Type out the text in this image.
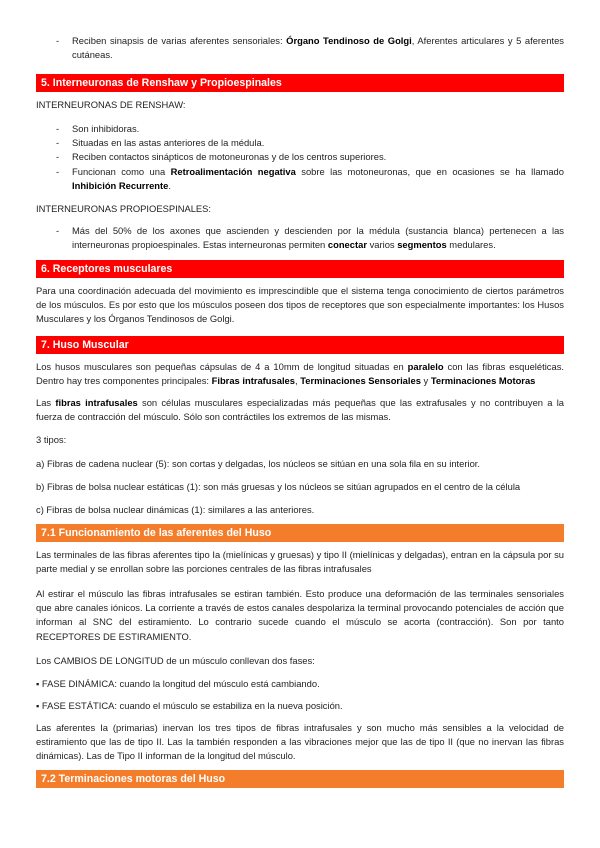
- Reciben sinapsis de varias aferentes sensoriales: Órgano Tendinoso de Golgi, Aferentes articulares y 5 aferentes cutáneas.
5. Interneuronas de Renshaw y Propioespinales

INTERNEURONAS DE RENSHAW:

- Son inhibidoras.
- Situadas en las astas anteriores de la médula.
- Reciben contactos sinápticos de motoneuronas y de los centros superiores.
- Funcionan como una Retroalimentación negativa sobre las motoneuronas, que en ocasiones se ha llamado Inhibición Recurrente.

INTERNEURONAS PROPIOESPINALES:

- Más del 50% de los axones que ascienden y descienden por la médula (sustancia blanca) pertenecen a las interneuronas propioespinales. Estas interneuronas permiten conectar varios segmentos medulares.
6. Receptores musculares

Para una coordinación adecuada del movimiento es imprescindible que el sistema tenga conocimiento de ciertos parámetros de los músculos. Es por esto que los músculos poseen dos tipos de receptores que son especialmente importantes: los Husos Musculares y los Órganos Tendinosos de Golgi.

7. Huso Muscular

Los husos musculares son pequeñas cápsulas de 4 a 10mm de longitud situadas en paralelo con las fibras esqueléticas. Dentro hay tres componentes principales: Fibras intrafusales, Terminaciones Sensoriales y Terminaciones Motoras

Las fibras intrafusales son células musculares especializadas más pequeñas que las extrafusales y no contribuyen a la fuerza de contracción del músculo. Sólo son contráctiles los extremos de las mismas.

3 tipos:

a) Fibras de cadena nuclear (5): son cortas y delgadas, los núcleos se sitúan en una sola fila en su interior.

b) Fibras de bolsa nuclear estáticas (1): son más gruesas y los núcleos se sitúan agrupados en el centro de la célula

c) Fibras de bolsa nuclear dinámicas (1): similares a las anteriores.

7.1 Funcionamiento de las aferentes del Huso

Las terminales de las fibras aferentes tipo Ia (mielínicas y gruesas) y tipo II (mielínicas y delgadas), entran en la cápsula por su parte medial y se enrollan sobre las porciones centrales de las fibras intrafusales

Al estirar el músculo las fibras intrafusales se estiran también. Esto produce una deformación de las terminales sensoriales que abre canales iónicos. La corriente a través de estos canales despolariza la terminal provocando potenciales de acción que informan al SNC del estiramiento. Lo contrario sucede cuando el músculo se acorta (contracción). Son por tanto RECEPTORES DE ESTIRAMIENTO.

Los CAMBIOS DE LONGITUD de un músculo conllevan dos fases:

▪ FASE DINÁMICA: cuando la longitud del músculo está cambiando.

▪ FASE ESTÁTICA: cuando el músculo se estabiliza en la nueva posición.

Las aferentes Ia (primarias) inervan los tres tipos de fibras intrafusales y son mucho más sensibles a la velocidad de estiramiento que las de tipo II. Las Ia también responden a las vibraciones mejor que las de tipo II (que no inervan las fibras dinámicas). Las de Tipo II informan de la longitud del músculo.

7.2 Terminaciones motoras del Huso
